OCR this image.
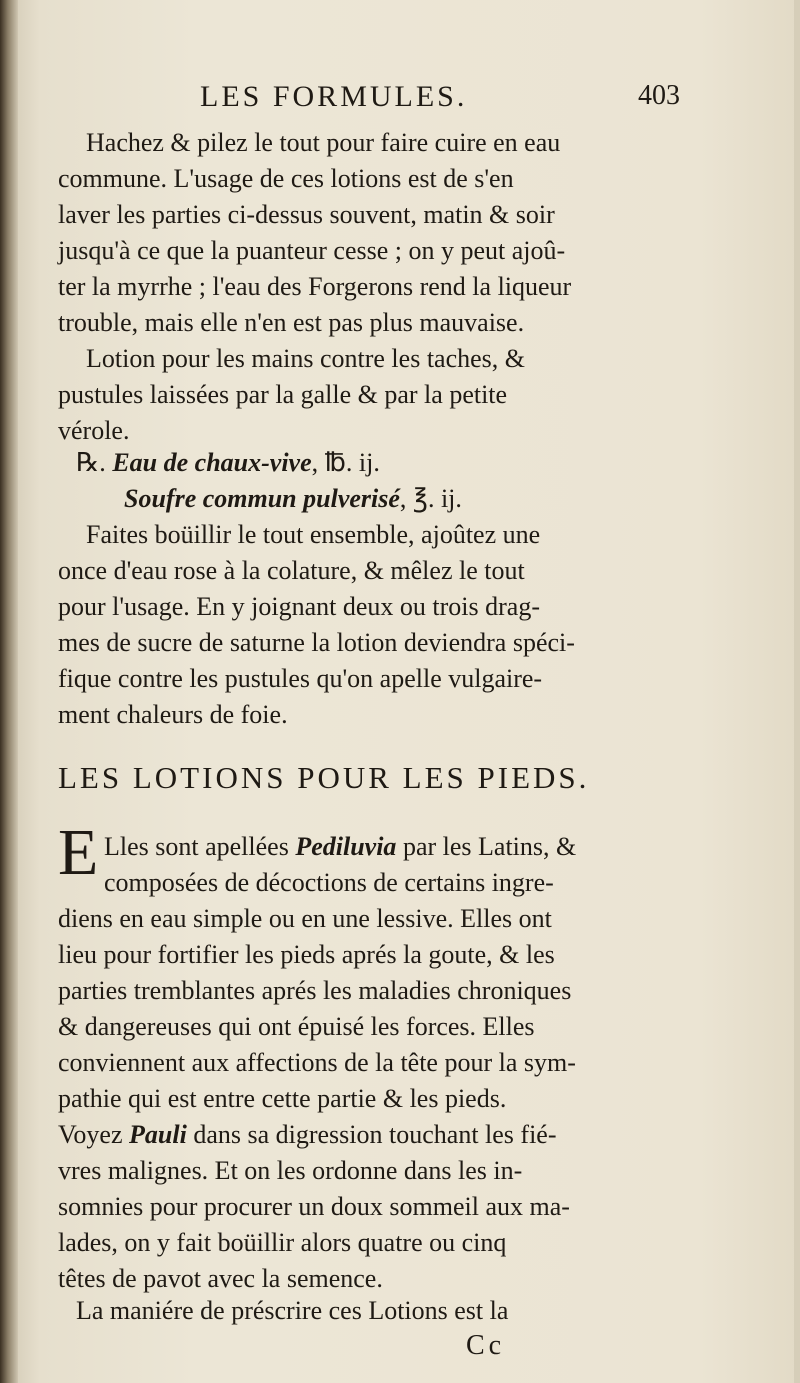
LES FORMULES.	403
Hachez & pilez le tout pour faire cuire en eau
commune. L'usage de ces lotions est de s'en
laver les parties ci-dessus souvent, matin & soir
jusqu'à ce que la puanteur cesse ; on y peut ajoû-
ter la myrrhe ; l'eau des Forgerons rend la liqueur
trouble, mais elle n'en est pas plus mauvaise.
Lotion pour les mains contre les taches, &
pustules laissées par la galle & par la petite
vérole.
℞. Eau de chaux-vive, ℔. ij.
Soufre commun pulverisé, ℥. ij.
Faites boüillir le tout ensemble, ajoûtez une
once d'eau rose à la colature, & mêlez le tout
pour l'usage. En y joignant deux ou trois drag-
mes de sucre de saturne la lotion deviendra spéci-
fique contre les pustules qu'on apelle vulgaire-
ment chaleurs de foie.
LES LOTIONS POUR LES PIEDS.
E Lles sont apellées Pediluvia par les Latins, &
composées de décoctions de certains ingre-
diens en eau simple ou en une lessive. Elles ont
lieu pour fortifier les pieds aprés la goute, & les
parties tremblantes aprés les maladies chroniques
& dangereuses qui ont épuisé les forces. Elles
conviennent aux affections de la tête pour la sym-
pathie qui est entre cette partie & les pieds.
Voyez Pauli dans sa digression touchant les fié-
vres malignes. Et on les ordonne dans les in-
somnies pour procurer un doux sommeil aux ma-
lades, on y fait boüillir alors quatre ou cinq
têtes de pavot avec la semence.
La maniére de préscrire ces Lotions est la
Cc
